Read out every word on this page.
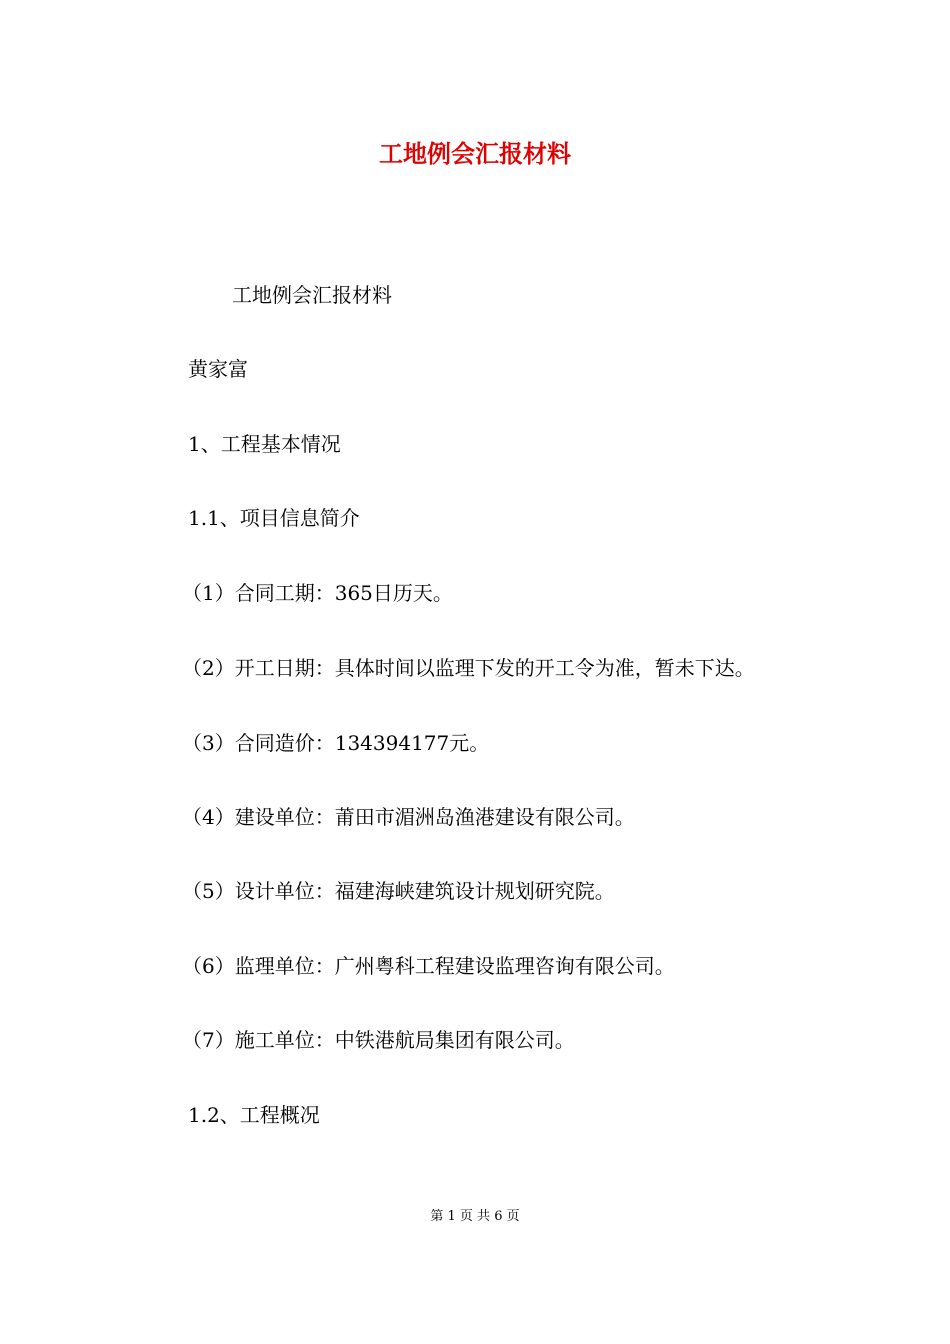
工地例会汇报材料
工地例会汇报材料
黄家富
1、工程基本情况
1.1、项目信息简介
（1）合同工期：365日历天。
（2）开工日期：具体时间以监理下发的开工令为准，暂未下达。
（3）合同造价：134394177元。
（4）建设单位：莆田市湄洲岛渔港建设有限公司。
（5）设计单位：福建海峡建筑设计规划研究院。
（6）监理单位：广州粤科工程建设监理咨询有限公司。
（7）施工单位：中铁港航局集团有限公司。
1.2、工程概况
第 1 页 共 6 页
